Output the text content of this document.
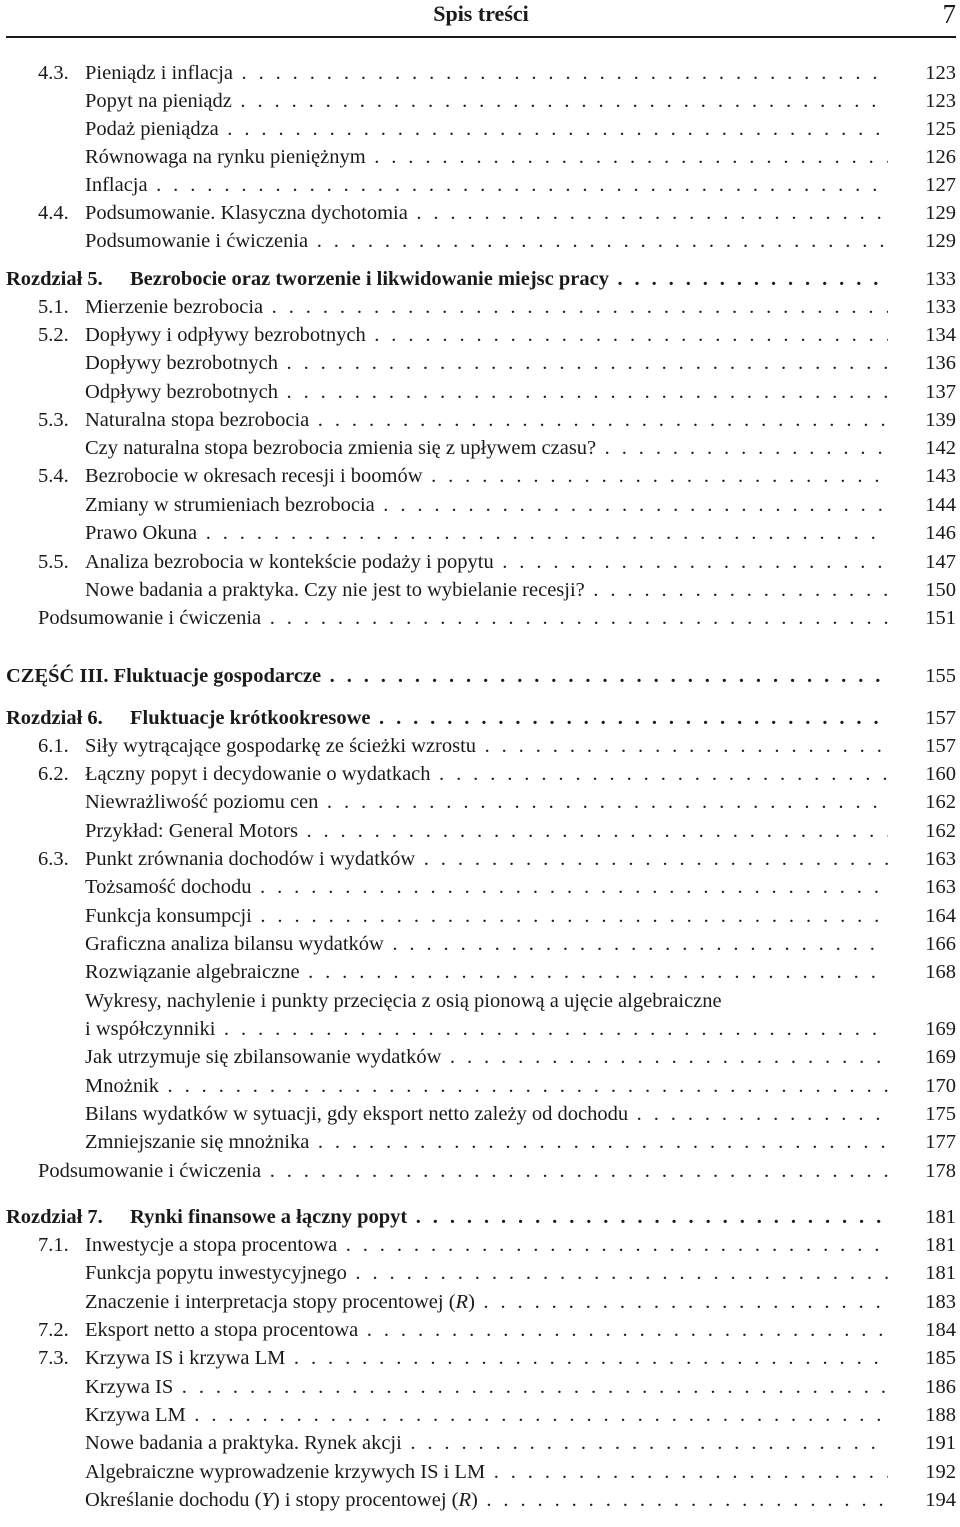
Spis treści	7
4.3. Pieniądz i inflacja . . .	123
Popyt na pieniądz . . .	123
Podaż pieniądza . . .	125
Równowaga na rynku pieniężnym . . .	126
Inflacja . . .	127
4.4. Podsumowanie. Klasyczna dychotomia . . .	129
Podsumowanie i ćwiczenia . . .	129
Rozdział 5. Bezrobocie oraz tworzenie i likwidowanie miejsc pracy . . .	133
5.1. Mierzenie bezrobocia . . .	133
5.2. Dopływy i odpływy bezrobotnych . . .	134
Dopływy bezrobotnych . . .	136
Odpływy bezrobotnych . . .	137
5.3. Naturalna stopa bezrobocia . . .	139
Czy naturalna stopa bezrobocia zmienia się z upływem czasu? . . .	142
5.4. Bezrobocie w okresach recesji i boomów . . .	143
Zmiany w strumieniach bezrobocia . . .	144
Prawo Okuna . . .	146
5.5. Analiza bezrobocia w kontekście podaży i popytu . . .	147
Nowe badania a praktyka. Czy nie jest to wybielanie recesji? . . .	150
Podsumowanie i ćwiczenia . . .	151
CZĘŚĆ III. Fluktuacje gospodarcze . . .	155
Rozdział 6. Fluktuacje krótkookresowe . . .	157
6.1. Siły wytrącające gospodarkę ze ścieżki wzrostu . . .	157
6.2. Łączny popyt i decydowanie o wydatkach . . .	160
Niewrażliwość poziomu cen . . .	162
Przykład: General Motors . . .	162
6.3. Punkt zrównania dochodów i wydatków . . .	163
Tożsamość dochodu . . .	163
Funkcja konsumpcji . . .	164
Graficzna analiza bilansu wydatków . . .	166
Rozwiązanie algebraiczne . . .	168
Wykresy, nachylenie i punkty przecięcia z osią pionową a ujęcie algebraiczne
i współczynniki . . .	169
Jak utrzymuje się zbilansowanie wydatków . . .	169
Mnożnik . . .	170
Bilans wydatków w sytuacji, gdy eksport netto zależy od dochodu . . .	175
Zmniejszanie się mnożnika . . .	177
Podsumowanie i ćwiczenia . . .	178
Rozdział 7. Rynki finansowe a łączny popyt . . .	181
7.1. Inwestycje a stopa procentowa . . .	181
Funkcja popytu inwestycyjnego . . .	181
Znaczenie i interpretacja stopy procentowej (R) . . .	183
7.2. Eksport netto a stopa procentowa . . .	184
7.3. Krzywa IS i krzywa LM . . .	185
Krzywa IS . . .	186
Krzywa LM . . .	188
Nowe badania a praktyka. Rynek akcji . . .	191
Algebraiczne wyprowadzenie krzywych IS i LM . . .	192
Określanie dochodu (Y) i stopy procentowej (R) . . .	194
